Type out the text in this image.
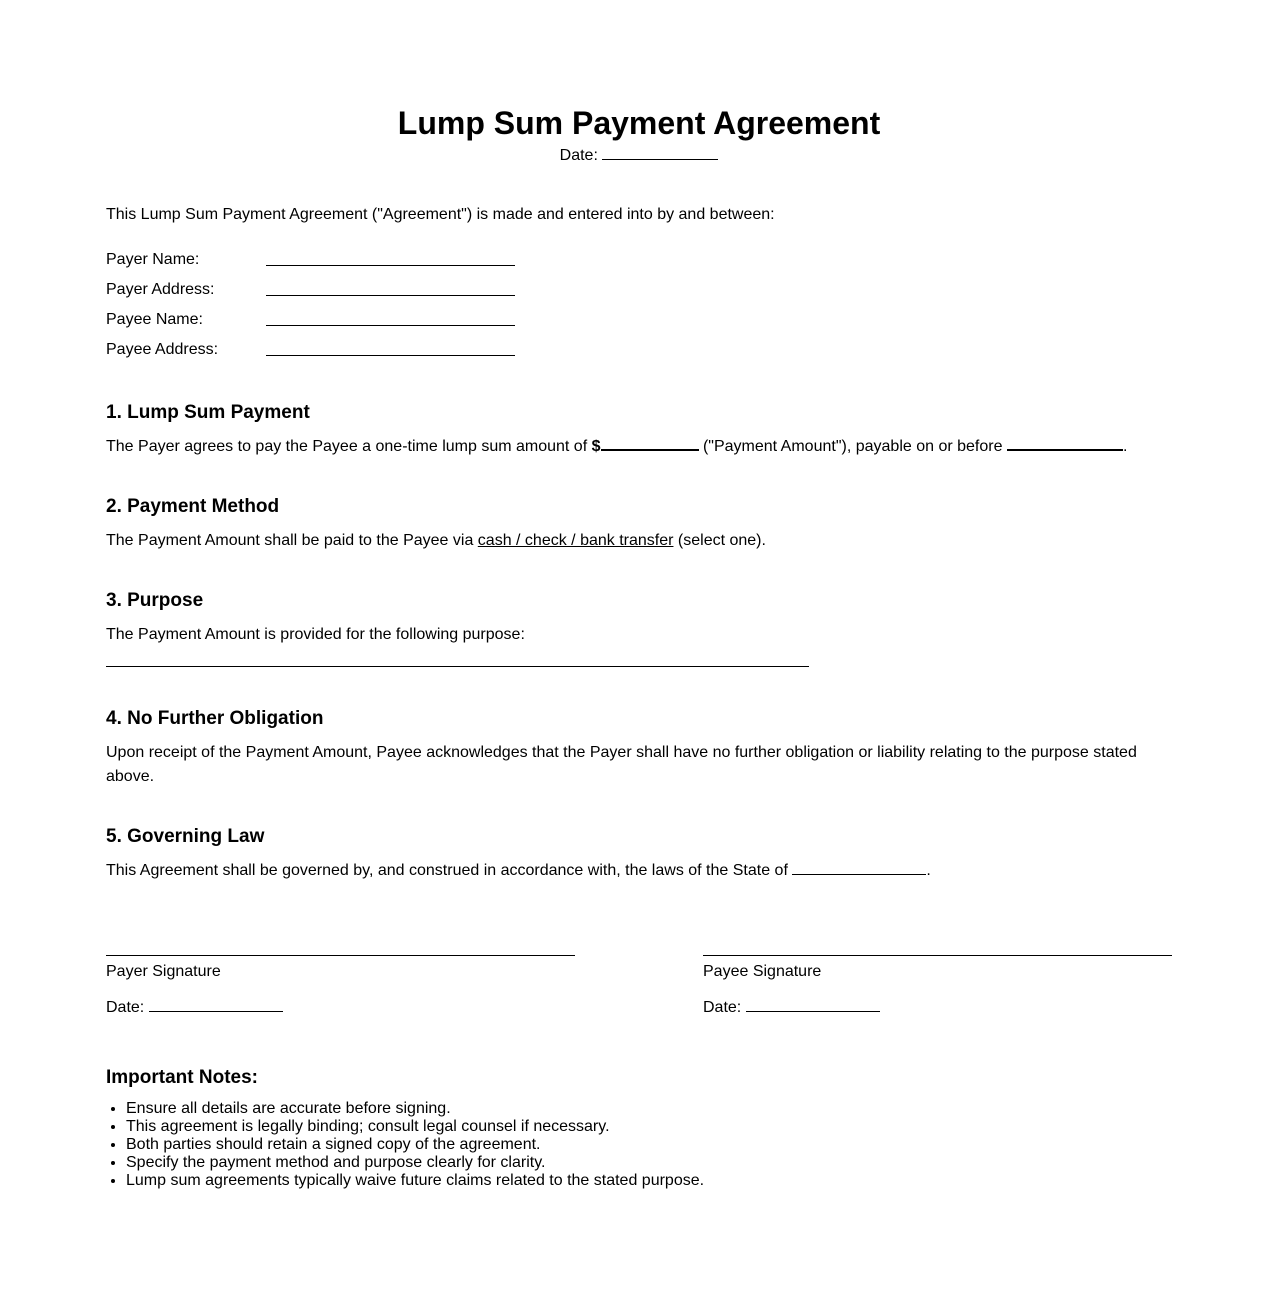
Lump Sum Payment Agreement
Date:

This Lump Sum Payment Agreement ("Agreement") is made and entered into by and between:

Payer Name:
Payer Address:
Payee Name:
Payee Address:
1. Lump Sum Payment

The Payer agrees to pay the Payee a one-time lump sum amount of $	("Payment Amount"), payable on or before	.

2. Payment Method

The Payment Amount shall be paid to the Payee via cash / check / bank transfer (select one).

3. Purpose

The Payment Amount is provided for the following purpose:

4. No Further Obligation

Upon receipt of the Payment Amount, Payee acknowledges that the Payer shall have no further obligation or liability relating to the purpose stated above.

5. Governing Law

This Agreement shall be governed by, and construed in accordance with, the laws of the State of	.

Payer Signature
Date:
Payee Signature
Date:
Important Notes:
• Ensure all details are accurate before signing.
• This agreement is legally binding; consult legal counsel if necessary.
• Both parties should retain a signed copy of the agreement.
• Specify the payment method and purpose clearly for clarity.
• Lump sum agreements typically waive future claims related to the stated purpose.
